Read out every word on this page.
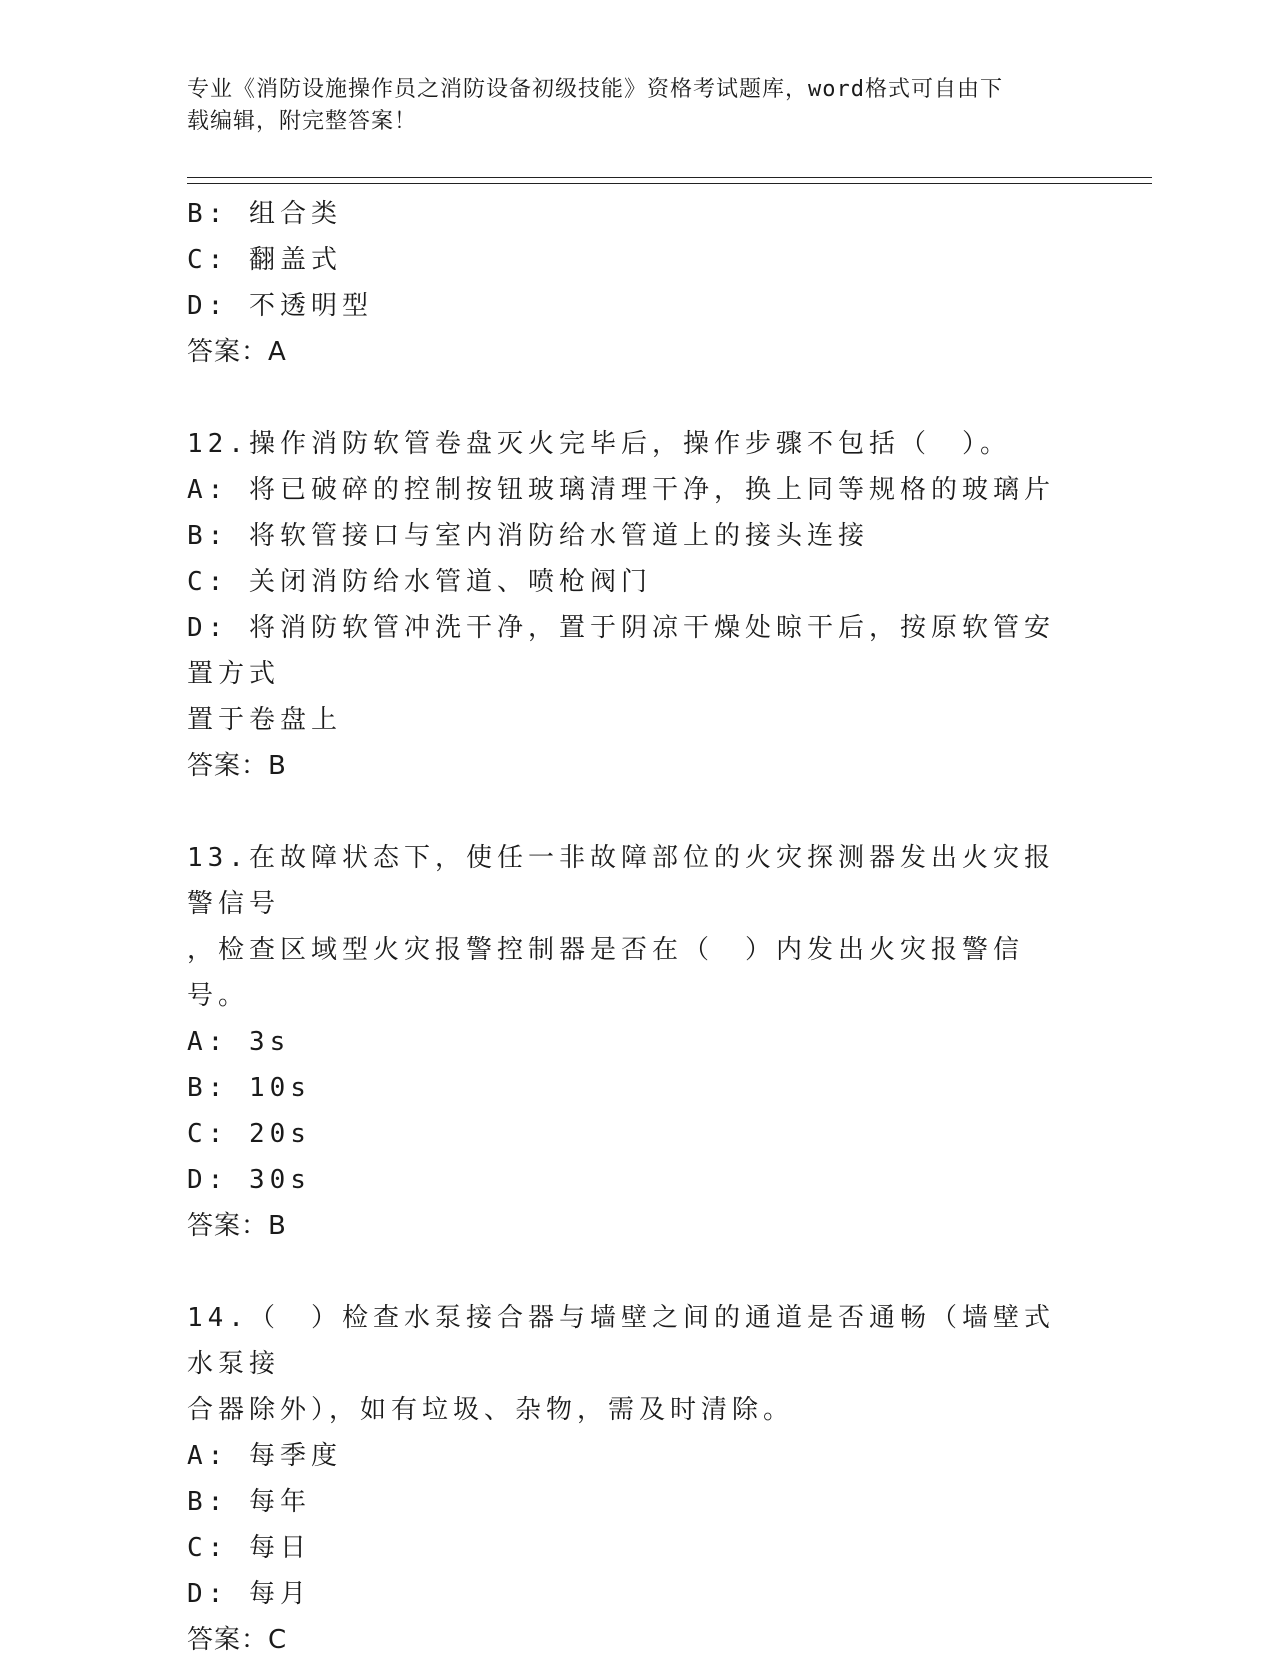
专业《消防设施操作员之消防设备初级技能》资格考试题库，word格式可自由下
载编辑，附完整答案！

B: 组合类

C: 翻盖式

D: 不透明型

答案：A

12.操作消防软管卷盘灭火完毕后，操作步骤不包括（　）。

A: 将已破碎的控制按钮玻璃清理干净，换上同等规格的玻璃片

B: 将软管接口与室内消防给水管道上的接头连接

C: 关闭消防给水管道、喷枪阀门

D: 将消防软管冲洗干净，置于阴凉干燥处晾干后，按原软管安置方式

置于卷盘上

答案：B

13.在故障状态下，使任一非故障部位的火灾探测器发出火灾报警信号

，检查区域型火灾报警控制器是否在（　）内发出火灾报警信号。

A: 3s

B: 10s

C: 20s

D: 30s

答案：B

14.（　）检查水泵接合器与墙壁之间的通道是否通畅（墙壁式水泵接

合器除外），如有垃圾、杂物，需及时清除。

A: 每季度

B: 每年

C: 每日

D: 每月

答案：C
